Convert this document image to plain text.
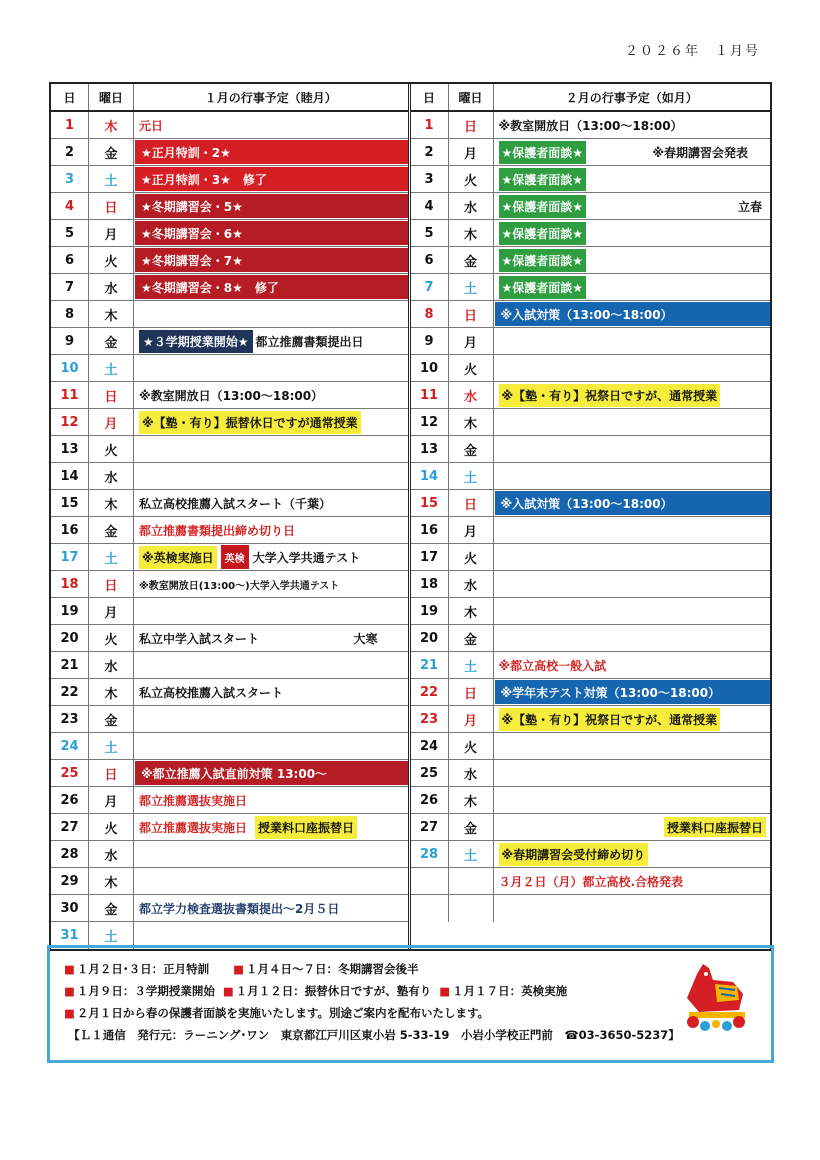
２０２６年　１月号
日	曜日	１月の行事予定（睦月）
1	木	元日
2	金	★正月特訓・2★
3	土	★正月特訓・3★　修了
4	日	★冬期講習会・5★
5	月	★冬期講習会・6★
6	火	★冬期講習会・7★
7	水	★冬期講習会・8★　修了
8	木
9	金	★３学期授業開始★ 都立推薦書類提出日
10	土
11	日	※教室開放日（13:00～18:00）
12	月	※【塾・有り】振替休日ですが通常授業
13	火
14	水
15	木	私立高校推薦入試スタート（千葉）
16	金	都立推薦書類提出締め切り日
17	土	※英検実施日	英検 大学入学共通テスト
18	日	※教室開放日(13:00～)大学入学共通テスト
19	月
20	火	私立中学入試スタート	大寒
21	水
22	木	私立高校推薦入試スタート
23	金
24	土
25	日	※都立推薦入試直前対策 13:00～
26	月	都立推薦選抜実施日
27	火	都立推薦選抜実施日 授業料口座振替日
28	水
29	木
30	金	都立学力検査選抜書類提出～2月５日
31	土
日	曜日	２月の行事予定（如月）
1	日	※教室開放日（13:00～18:00）
2	月	★保護者面談★	※春期講習会発表
3	火	★保護者面談★
4	水	★保護者面談★	立春
5	木	★保護者面談★
6	金	★保護者面談★
7	土	★保護者面談★
8	日	※入試対策（13:00～18:00）
9	月
10	火
11	水	※【塾・有り】祝祭日ですが、通常授業
12	木
13	金
14	土
15	日	※入試対策（13:00～18:00）
16	月
17	火
18	水
19	木
20	金
21	土	※都立高校一般入試
22	日	※学年末テスト対策（13:00～18:00）
23	月	※【塾・有り】祝祭日ですが、通常授業
24	火
25	水
26	木
27	金	授業料口座振替日
28	土	※春期講習会受付締め切り
３月２日（月）都立高校.合格発表
■ １月２日･３日：正月特訓 ■ １月４日～７日：冬期講習会後半
■ １月９日：３学期授業開始 ■ １月１２日：振替休日ですが、塾有り ■ １月１７日：英検実施
■ ２月１日から春の保護者面談を実施いたします。別途ご案内を配布いたします。
【Ｌ１通信　発行元：ラーニング･ワン　東京都江戸川区東小岩 5-33-19　小岩小学校正門前　☎03-3650-5237】
